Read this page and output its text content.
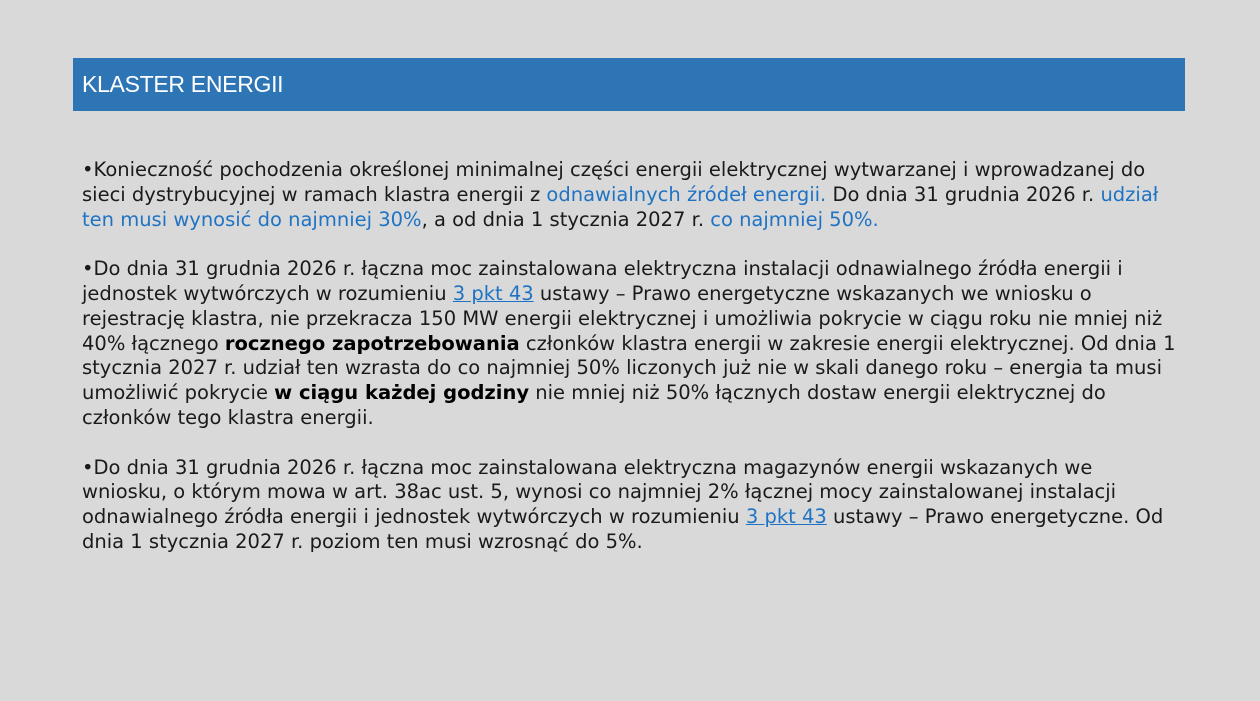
KLASTER ENERGII

•Konieczność pochodzenia określonej minimalnej części energii elektrycznej wytwarzanej i wprowadzanej do sieci dystrybucyjnej w ramach klastra energii z odnawialnych źródeł energii. Do dnia 31 grudnia 2026 r. udział ten musi wynosić do najmniej 30%, a od dnia 1 stycznia 2027 r. co najmniej 50%.

•Do dnia 31 grudnia 2026 r. łączna moc zainstalowana elektryczna instalacji odnawialnego źródła energii i jednostek wytwórczych w rozumieniu 3 pkt 43 ustawy – Prawo energetyczne wskazanych we wniosku o rejestrację klastra, nie przekracza 150 MW energii elektrycznej i umożliwia pokrycie w ciągu roku nie mniej niż 40% łącznego rocznego zapotrzebowania członków klastra energii w zakresie energii elektrycznej. Od dnia 1 stycznia 2027 r. udział ten wzrasta do co najmniej 50% liczonych już nie w skali danego roku – energia ta musi umożliwić pokrycie w ciągu każdej godziny nie mniej niż 50% łącznych dostaw energii elektrycznej do członków tego klastra energii.

•Do dnia 31 grudnia 2026 r. łączna moc zainstalowana elektryczna magazynów energii wskazanych we wniosku, o którym mowa w art. 38ac ust. 5, wynosi co najmniej 2% łącznej mocy zainstalowanej instalacji odnawialnego źródła energii i jednostek wytwórczych w rozumieniu 3 pkt 43 ustawy – Prawo energetyczne. Od dnia 1 stycznia 2027 r. poziom ten musi wzrosnąć do 5%.
